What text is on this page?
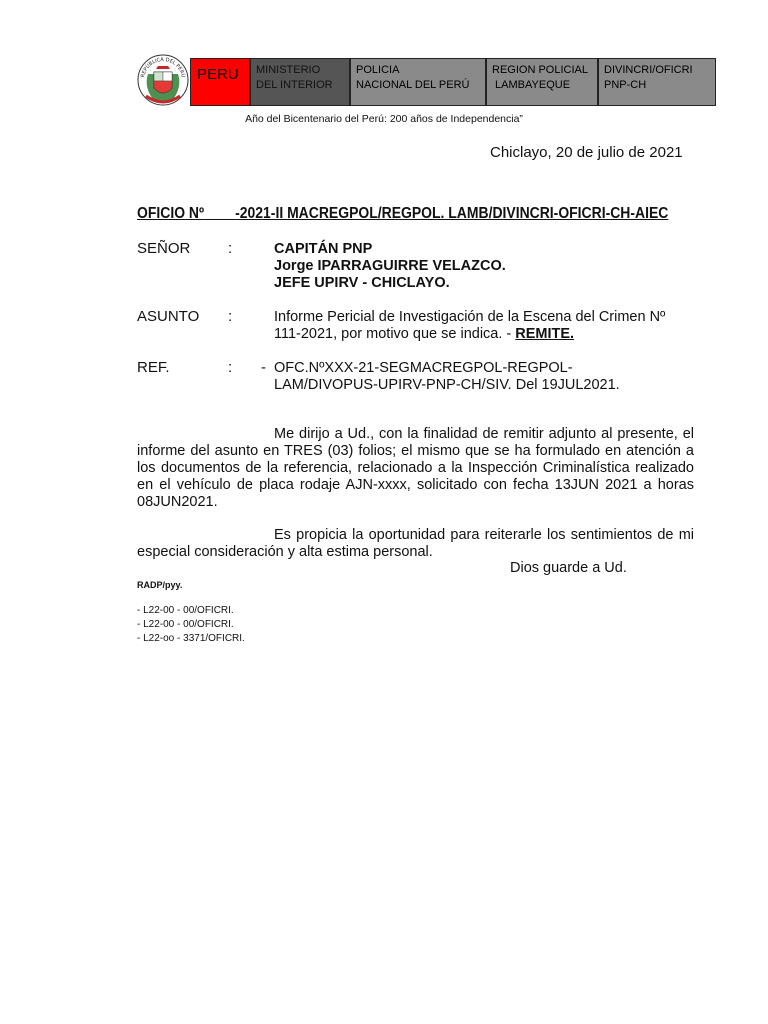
REPÚBLICA DEL PERÚ PERU	MINISTERIO
DEL INTERIOR
POLICIA
NACIONAL DEL PERÚ
REGION POLICIAL
LAMBAYEQUE
DIVINCRI/OFICRI
PNP-CH
Año del Bicentenario del Perú: 200 años de Independencia”
Chiclayo, 20 de julio de 2021
OFICIO Nº -2021-II MACREGPOL/REGPOL. LAMB/DIVINCRI-OFICRI-CH-AIEC
SEÑOR	:	CAPITÁN PNP
Jorge IPARRAGUIRRE VELAZCO.
JEFE UPIRV - CHICLAYO.
ASUNTO :	Informe Pericial de Investigación de la Escena del Crimen Nº
111-2021, por motivo que se indica. - REMITE.
REF.	: - OFC.NºXXX-21-SEGMACREGPOL-REGPOL-
LAM/DIVOPUS-UPIRV-PNP-CH/SIV. Del 19JUL2021.
Me dirijo a Ud., con la finalidad de remitir adjunto al presente, el informe del asunto en TRES (03) folios; el mismo que se ha formulado en atención a los documentos de la referencia, relacionado a la Inspección Criminalística realizado en el vehículo de placa rodaje AJN-xxxx, solicitado con fecha 13JUN 2021 a horas 08JUN2021.
Es propicia la oportunidad para reiterarle los sentimientos de mi especial consideración y alta estima personal.
Dios guarde a Ud.
RADP/pyy.
- L22-00 - 00/OFICRI.
- L22-00 - 00/OFICRI.
- L22-oo - 3371/OFICRI.
